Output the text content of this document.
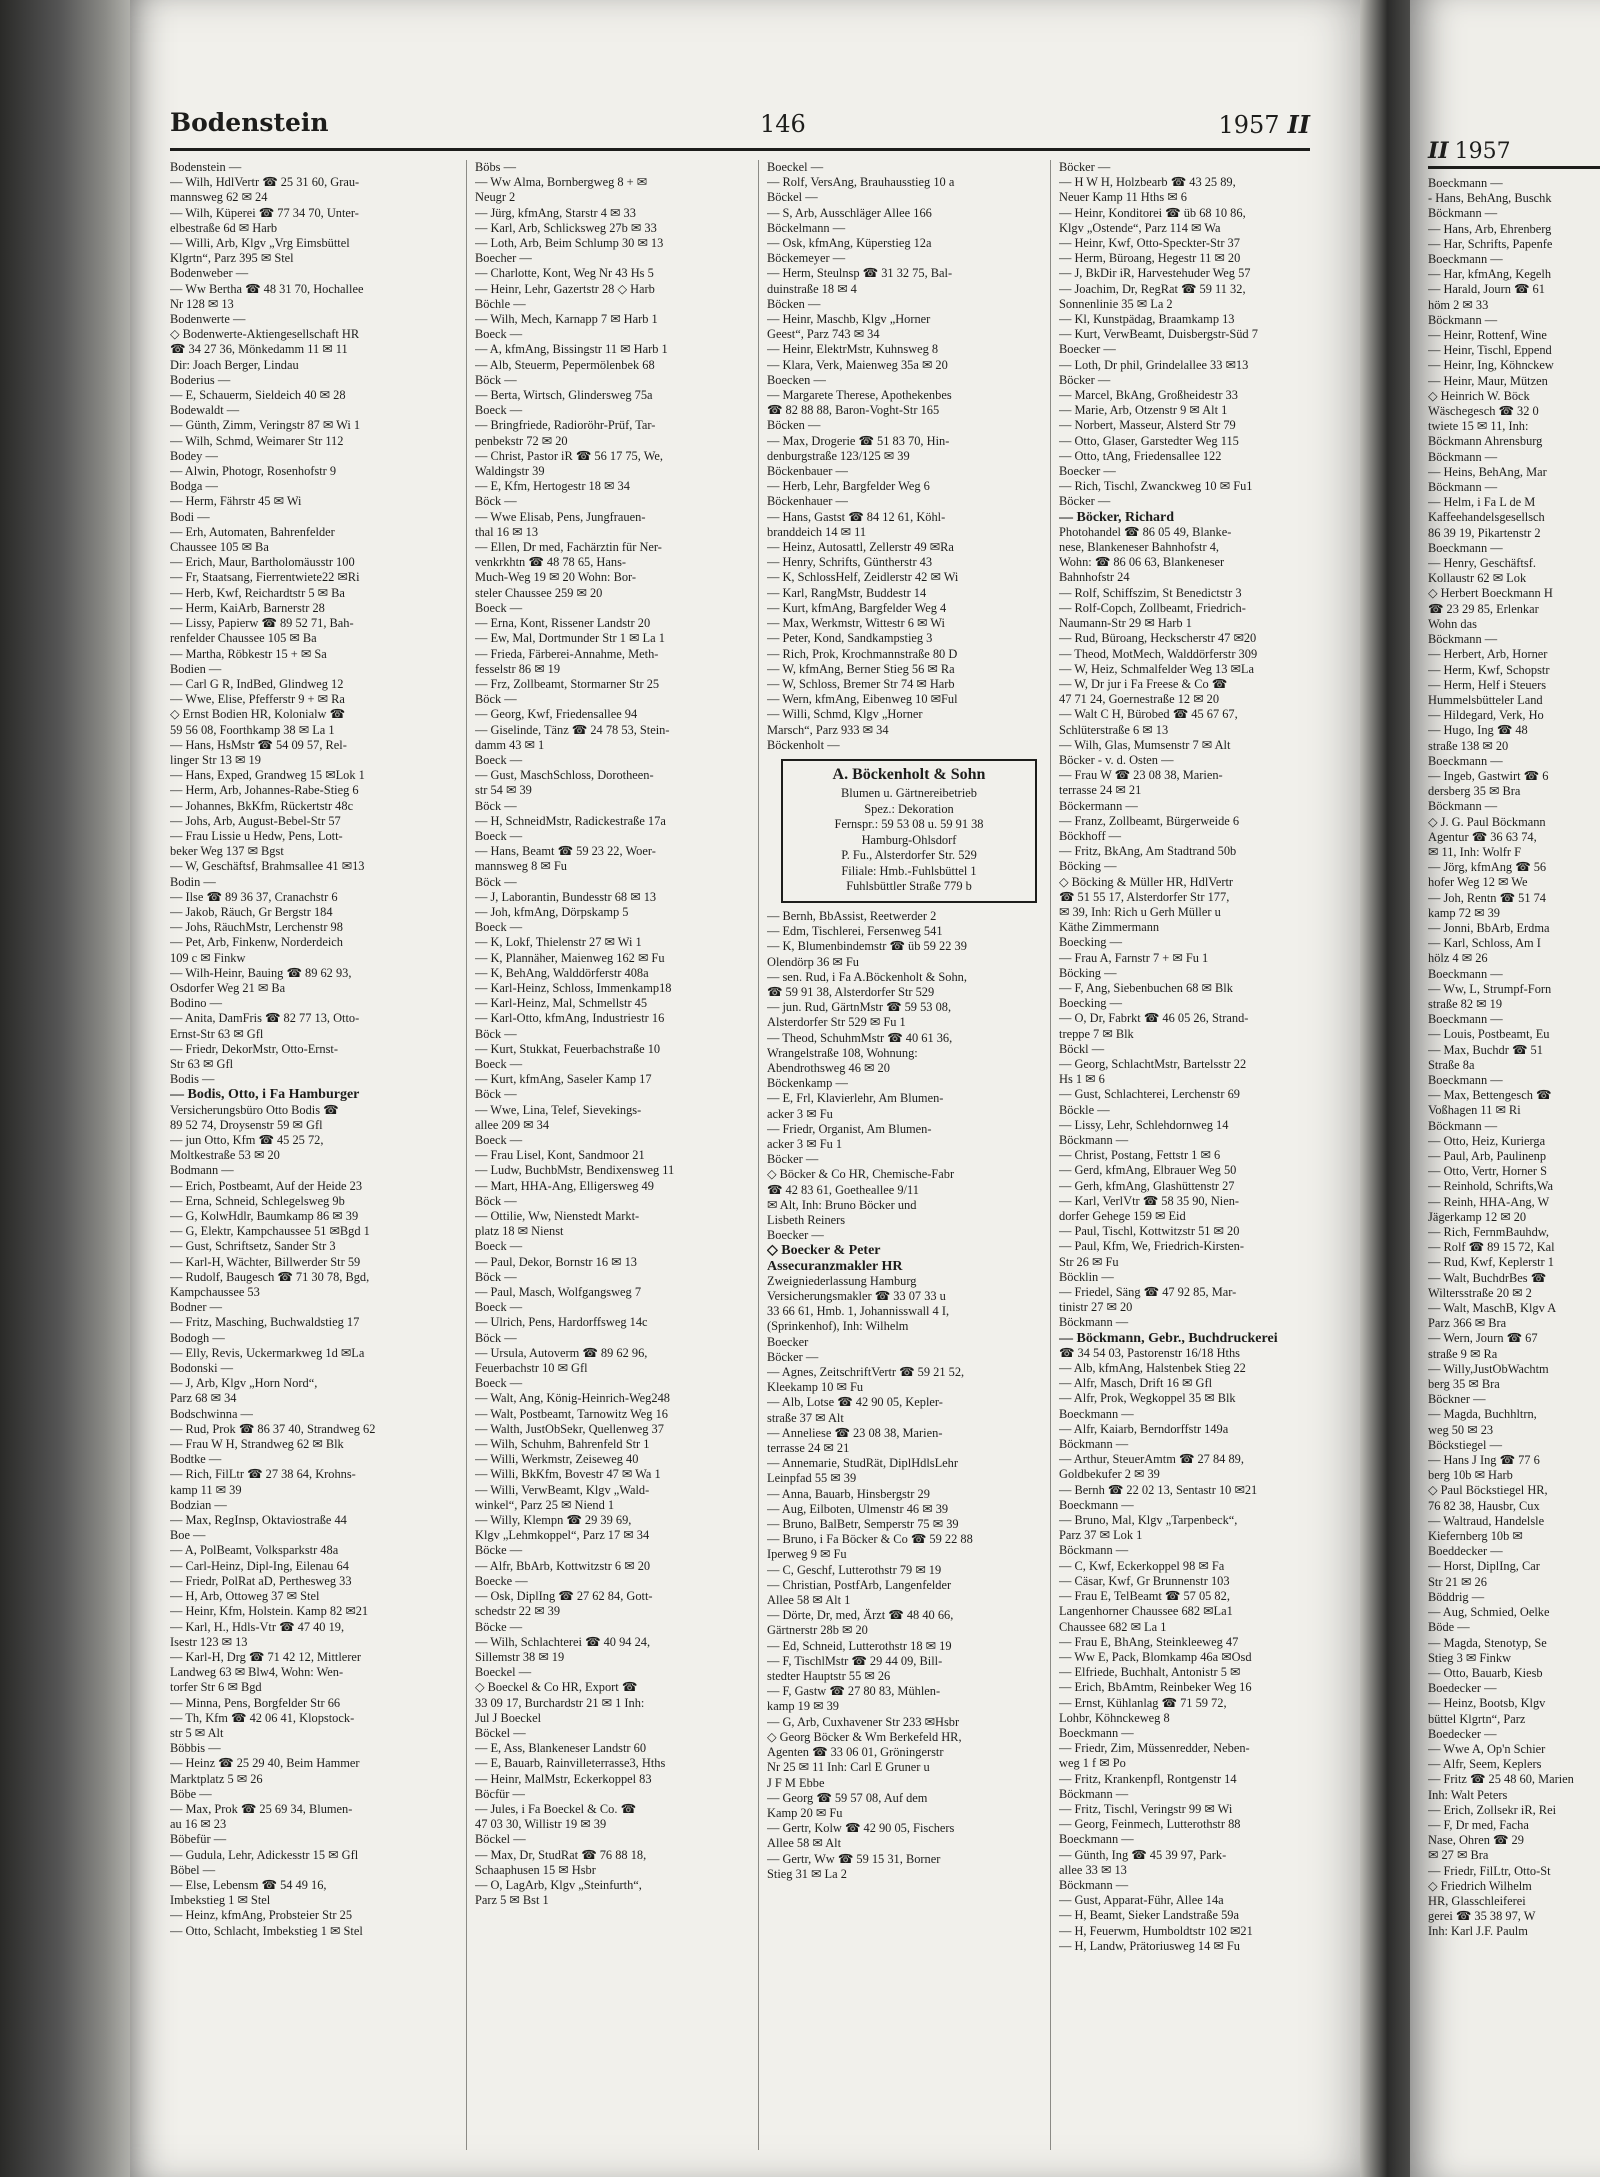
Bodenstein	146	1957 II
Bodenstein —
— Wilh, HdlVertr ☎ 25 31 60, Grau-
mannsweg 62 ✉ 24
— Wilh, Küperei ☎ 77 34 70, Unter-
elbestraße 6d ✉ Harb
— Willi, Arb, Klgv „Vrg Eimsbüttel
Klgrtn“, Parz 395 ✉ Stel
Bodenweber —
— Ww Bertha ☎ 48 31 70, Hochallee
Nr 128 ✉ 13
Bodenwerte —
◇ Bodenwerte-Aktiengesellschaft HR
☎ 34 27 36, Mönkedamm 11 ✉ 11
Dir: Joach Berger, Lindau
Boderius —
— E, Schauerm, Sieldeich 40 ✉ 28
Bodewaldt —
— Günth, Zimm, Veringstr 87 ✉ Wi 1
— Wilh, Schmd, Weimarer Str 112
Bodey —
— Alwin, Photogr, Rosenhofstr 9
Bodga —
— Herm, Fährstr 45 ✉ Wi
Bodi —
— Erh, Automaten, Bahrenfelder
Chaussee 105 ✉ Ba
— Erich, Maur, Bartholomäusstr 100
— Fr, Staatsang, Fierrentwiete22 ✉Ri
— Herb, Kwf, Reichardtstr 5 ✉ Ba
— Herm, KaiArb, Barnerstr 28
— Lissy, Papierw ☎ 89 52 71, Bah-
renfelder Chaussee 105 ✉ Ba
— Martha, Röbkestr 15 + ✉ Sa
Bodien —
— Carl G R, IndBed, Glindweg 12
— Wwe, Elise, Pfefferstr 9 + ✉ Ra
◇ Ernst Bodien HR, Kolonialw ☎
59 56 08, Foorthkamp 38 ✉ La 1
— Hans, HsMstr ☎ 54 09 57, Rel-
linger Str 13 ✉ 19
— Hans, Exped, Grandweg 15 ✉Lok 1
— Herm, Arb, Johannes-Rabe-Stieg 6
— Johannes, BkKfm, Rückertstr 48c
— Johs, Arb, August-Bebel-Str 57
— Frau Lissie u Hedw, Pens, Lott-
beker Weg 137 ✉ Bgst
— W, Geschäftsf, Brahmsallee 41 ✉13
Bodin —
— Ilse ☎ 89 36 37, Cranachstr 6
— Jakob, Räuch, Gr Bergstr 184
— Johs, RäuchMstr, Lerchenstr 98
— Pet, Arb, Finkenw, Norderdeich
109 c ✉ Finkw
— Wilh-Heinr, Bauing ☎ 89 62 93,
Osdorfer Weg 21 ✉ Ba
Bodino —
— Anita, DamFris ☎ 82 77 13, Otto-
Ernst-Str 63 ✉ Gfl
— Friedr, DekorMstr, Otto-Ernst-
Str 63 ✉ Gfl
Bodis —
— Bodis, Otto, i Fa Hamburger
Versicherungsbüro Otto Bodis ☎
89 52 74, Droysenstr 59 ✉ Gfl
— jun Otto, Kfm ☎ 45 25 72,
Moltkestraße 53 ✉ 20
Bodmann —
— Erich, Postbeamt, Auf der Heide 23
— Erna, Schneid, Schlegelsweg 9b
— G, KolwHdlr, Baumkamp 86 ✉ 39
— G, Elektr, Kampchaussee 51 ✉Bgd 1
— Gust, Schriftsetz, Sander Str 3
— Karl-H, Wächter, Billwerder Str 59
— Rudolf, Baugesch ☎ 71 30 78, Bgd,
Kampchaussee 53
Bodner —
— Fritz, Masching, Buchwaldstieg 17
Bodogh —
— Elly, Revis, Uckermarkweg 1d ✉La
Bodonski —
— J, Arb, Klgv „Horn Nord“,
Parz 68 ✉ 34
Bodschwinna —
— Rud, Prok ☎ 86 37 40, Strandweg 62
— Frau W H, Strandweg 62 ✉ Blk
Bodtke —
— Rich, FilLtr ☎ 27 38 64, Krohns-
kamp 11 ✉ 39
Bodzian —
— Max, RegInsp, Oktaviostraße 44
Boe —
— A, PolBeamt, Volksparkstr 48a
— Carl-Heinz, Dipl-Ing, Eilenau 64
— Friedr, PolRat aD, Perthesweg 33
— H, Arb, Ottoweg 37 ✉ Stel
— Heinr, Kfm, Holstein. Kamp 82 ✉21
— Karl, H., Hdls-Vtr ☎ 47 40 19,
Isestr 123 ✉ 13
— Karl-H, Drg ☎ 71 42 12, Mittlerer
Landweg 63 ✉ Blw4, Wohn: Wen-
torfer Str 6 ✉ Bgd
— Minna, Pens, Borgfelder Str 66
— Th, Kfm ☎ 42 06 41, Klopstock-
str 5 ✉ Alt
Böbbis —
— Heinz ☎ 25 29 40, Beim Hammer
Marktplatz 5 ✉ 26
Böbe —
— Max, Prok ☎ 25 69 34, Blumen-
au 16 ✉ 23
Böbefür —
— Gudula, Lehr, Adickesstr 15 ✉ Gfl
Böbel —
— Else, Lebensm ☎ 54 49 16,
Imbekstieg 1 ✉ Stel
— Heinz, kfmAng, Probsteier Str 25
— Otto, Schlacht, Imbekstieg 1 ✉ Stel
Böbs —
— Ww Alma, Bornbergweg 8 + ✉
Neugr 2
— Jürg, kfmAng, Starstr 4 ✉ 33
— Karl, Arb, Schlicksweg 27b ✉ 33
— Loth, Arb, Beim Schlump 30 ✉ 13
Boecher —
— Charlotte, Kont, Weg Nr 43 Hs 5
— Heinr, Lehr, Gazertstr 28 ◇ Harb
Böchle —
— Wilh, Mech, Karnapp 7 ✉ Harb 1
Boeck —
— A, kfmAng, Bissingstr 11 ✉ Harb 1
— Alb, Steuerm, Pepermölenbek 68
Böck —
— Berta, Wirtsch, Glindersweg 75a
Boeck —
— Bringfriede, Radioröhr-Prüf, Tar-
penbekstr 72 ✉ 20
— Christ, Pastor iR ☎ 56 17 75, We,
Waldingstr 39
— E, Kfm, Hertogestr 18 ✉ 34
Böck —
— Wwe Elisab, Pens, Jungfrauen-
thal 16 ✉ 13
— Ellen, Dr med, Fachärztin für Ner-
venkrkhtn ☎ 48 78 65, Hans-
Much-Weg 19 ✉ 20 Wohn: Bor-
steler Chaussee 259 ✉ 20
Boeck —
— Erna, Kont, Rissener Landstr 20
— Ew, Mal, Dortmunder Str 1 ✉ La 1
— Frieda, Färberei-Annahme, Meth-
fesselstr 86 ✉ 19
— Frz, Zollbeamt, Stormarner Str 25
Böck —
— Georg, Kwf, Friedensallee 94
— Giselinde, Tänz ☎ 24 78 53, Stein-
damm 43 ✉ 1
Boeck —
— Gust, MaschSchloss, Dorotheen-
str 54 ✉ 39
Böck —
— H, SchneidMstr, Radickestraße 17a
Boeck —
— Hans, Beamt ☎ 59 23 22, Woer-
mannsweg 8 ✉ Fu
Böck —
— J, Laborantin, Bundesstr 68 ✉ 13
— Joh, kfmAng, Dörpskamp 5
Boeck —
— K, Lokf, Thielenstr 27 ✉ Wi 1
— K, Plannäher, Maienweg 162 ✉ Fu
— K, BehAng, Walddörferstr 408a
— Karl-Heinz, Schloss, Immenkamp18
— Karl-Heinz, Mal, Schmellstr 45
— Karl-Otto, kfmAng, Industriestr 16
Böck —
— Kurt, Stukkat, Feuerbachstraße 10
Boeck —
— Kurt, kfmAng, Saseler Kamp 17
Böck —
— Wwe, Lina, Telef, Sievekings-
allee 209 ✉ 34
Boeck —
— Frau Lisel, Kont, Sandmoor 21
— Ludw, BuchbMstr, Bendixensweg 11
— Mart, HHA-Ang, Elligersweg 49
Böck —
— Ottilie, Ww, Nienstedt Markt-
platz 18 ✉ Nienst
Boeck —
— Paul, Dekor, Bornstr 16 ✉ 13
Böck —
— Paul, Masch, Wolfgangsweg 7
Boeck —
— Ulrich, Pens, Hardorffsweg 14c
Böck —
— Ursula, Autoverm ☎ 89 62 96,
Feuerbachstr 10 ✉ Gfl
Boeck —
— Walt, Ang, König-Heinrich-Weg248
— Walt, Postbeamt, Tarnowitz Weg 16
— Walth, JustObSekr, Quellenweg 37
— Wilh, Schuhm, Bahrenfeld Str 1
— Willi, Werkmstr, Zeiseweg 40
— Willi, BkKfm, Bovestr 47 ✉ Wa 1
— Willi, VerwBeamt, Klgv „Wald-
winkel“, Parz 25 ✉ Niend 1
— Willy, Klempn ☎ 29 39 69,
Klgv „Lehmkoppel“, Parz 17 ✉ 34
Böcke —
— Alfr, BbArb, Kottwitzstr 6 ✉ 20
Boecke —
— Osk, DiplIng ☎ 27 62 84, Gott-
schedstr 22 ✉ 39
Böcke —
— Wilh, Schlachterei ☎ 40 94 24,
Sillemstr 38 ✉ 19
Boeckel —
◇ Boeckel & Co HR, Export ☎
33 09 17, Burchardstr 21 ✉ 1 Inh:
Jul J Boeckel
Böckel —
— E, Ass, Blankeneser Landstr 60
— E, Bauarb, Rainvilleterrasse3, Hths
— Heinr, MalMstr, Eckerkoppel 83
Böcfür —
— Jules, i Fa Boeckel & Co. ☎
47 03 30, Willistr 19 ✉ 39
Böckel —
— Max, Dr, StudRat ☎ 76 88 18,
Schaaphusen 15 ✉ Hsbr
— O, LagArb, Klgv „Steinfurth“,
Parz 5 ✉ Bst 1
Boeckel —
— Rolf, VersAng, Brauhausstieg 10 a
Böckel —
— S, Arb, Ausschläger Allee 166
Böckelmann —
— Osk, kfmAng, Küperstieg 12a
Böckemeyer —
— Herm, Steulnsp ☎ 31 32 75, Bal-
duinstraße 18 ✉ 4
Böcken —
— Heinr, Maschb, Klgv „Horner
Geest“, Parz 743 ✉ 34
— Heinr, ElektrMstr, Kuhnsweg 8
— Klara, Verk, Maienweg 35a ✉ 20
Boecken —
— Margarete Therese, Apothekenbes
☎ 82 88 88, Baron-Voght-Str 165
Böcken —
— Max, Drogerie ☎ 51 83 70, Hin-
denburgstraße 123/125 ✉ 39
Böckenbauer —
— Herb, Lehr, Bargfelder Weg 6
Böckenhauer —
— Hans, Gastst ☎ 84 12 61, Köhl-
branddeich 14 ✉ 11
— Heinz, Autosattl, Zellerstr 49 ✉Ra
— Henry, Schrifts, Güntherstr 43
— K, SchlossHelf, Zeidlerstr 42 ✉ Wi
— Karl, RangMstr, Buddestr 14
— Kurt, kfmAng, Bargfelder Weg 4
— Max, Werkmstr, Wittestr 6 ✉ Wi
— Peter, Kond, Sandkampstieg 3
— Rich, Prok, Krochmannstraße 80 D
— W, kfmAng, Berner Stieg 56 ✉ Ra
— W, Schloss, Bremer Str 74 ✉ Harb
— Wern, kfmAng, Eibenweg 10 ✉Ful
— Willi, Schmd, Klgv „Horner
Marsch“, Parz 933 ✉ 34
Böckenholt —
A. Böckenholt & Sohn
Blumen u. Gärtnereibetrieb
Spez.: Dekoration
Fernspr.: 59 53 08 u. 59 91 38
Hamburg-Ohlsdorf
P. Fu., Alsterdorfer Str. 529
Filiale: Hmb.-Fuhlsbüttel 1
Fuhlsbüttler Straße 779 b
— Bernh, BbAssist, Reetwerder 2
— Edm, Tischlerei, Fersenweg 541
— K, Blumenbindemstr ☎ üb 59 22 39
Olendörp 36 ✉ Fu
— sen. Rud, i Fa A.Böckenholt & Sohn,
☎ 59 91 38, Alsterdorfer Str 529
— jun. Rud, GärtnMstr ☎ 59 53 08,
Alsterdorfer Str 529 ✉ Fu 1
— Theod, SchuhmMstr ☎ 40 61 36,
Wrangelstraße 108, Wohnung:
Abendrothsweg 46 ✉ 20
Böckenkamp —
— E, Frl, Klavierlehr, Am Blumen-
acker 3 ✉ Fu
— Friedr, Organist, Am Blumen-
acker 3 ✉ Fu 1
Böcker —
◇ Böcker & Co HR, Chemische-Fabr
☎ 42 83 61, Goetheallee 9/11
✉ Alt, Inh: Bruno Böcker und
Lisbeth Reiners
Boecker —
◇ Boecker & Peter
Assecuranzmakler HR
Zweigniederlassung Hamburg
Versicherungsmakler ☎ 33 07 33 u
33 66 61, Hmb. 1, Johannisswall 4 I,
(Sprinkenhof), Inh: Wilhelm
Boecker
Böcker —
— Agnes, ZeitschriftVertr ☎ 59 21 52,
Kleekamp 10 ✉ Fu
— Alb, Lotse ☎ 42 90 05, Kepler-
straße 37 ✉ Alt
— Anneliese ☎ 23 08 38, Marien-
terrasse 24 ✉ 21
— Annemarie, StudRät, DiplHdlsLehr
Leinpfad 55 ✉ 39
— Anna, Bauarb, Hinsbergstr 29
— Aug, Eilboten, Ulmenstr 46 ✉ 39
— Bruno, BalBetr, Semperstr 75 ✉ 39
— Bruno, i Fa Böcker & Co ☎ 59 22 88
Iperweg 9 ✉ Fu
— C, Geschf, Lutterothstr 79 ✉ 19
— Christian, PostfArb, Langenfelder
Allee 58 ✉ Alt 1
— Dörte, Dr, med, Ärzt ☎ 48 40 66,
Gärtnerstr 28b ✉ 20
— Ed, Schneid, Lutterothstr 18 ✉ 19
— F, TischlMstr ☎ 29 44 09, Bill-
stedter Hauptstr 55 ✉ 26
— F, Gastw ☎ 27 80 83, Mühlen-
kamp 19 ✉ 39
— G, Arb, Cuxhavener Str 233 ✉Hsbr
◇ Georg Böcker & Wm Berkefeld HR,
Agenten ☎ 33 06 01, Gröningerstr
Nr 25 ✉ 11 Inh: Carl E Gruner u
J F M Ebbe
— Georg ☎ 59 57 08, Auf dem
Kamp 20 ✉ Fu
— Gertr, Kolw ☎ 42 90 05, Fischers
Allee 58 ✉ Alt
— Gertr, Ww ☎ 59 15 31, Borner
Stieg 31 ✉ La 2
Böcker —
— H W H, Holzbearb ☎ 43 25 89,
Neuer Kamp 11 Hths ✉ 6
— Heinr, Konditorei ☎ üb 68 10 86,
Klgv „Ostende“, Parz 114 ✉ Wa
— Heinr, Kwf, Otto-Speckter-Str 37
— Herm, Büroang, Hegestr 11 ✉ 20
— J, BkDir iR, Harvestehuder Weg 57
— Joachim, Dr, RegRat ☎ 59 11 32,
Sonnenlinie 35 ✉ La 2
— Kl, Kunstpädag, Braamkamp 13
— Kurt, VerwBeamt, Duisbergstr-Süd 7
Boecker —
— Loth, Dr phil, Grindelallee 33 ✉13
Böcker —
— Marcel, BkAng, Großheidestr 33
— Marie, Arb, Otzenstr 9 ✉ Alt 1
— Norbert, Masseur, Alsterd Str 79
— Otto, Glaser, Garstedter Weg 115
— Otto, tAng, Friedensallee 122
Boecker —
— Rich, Tischl, Zwanckweg 10 ✉ Fu1
Böcker —
— Böcker, Richard
Photohandel ☎ 86 05 49, Blanke-
nese, Blankeneser Bahnhofstr 4,
Wohn: ☎ 86 06 63, Blankeneser
Bahnhofstr 24
— Rolf, Schiffszim, St Benedictstr 3
— Rolf-Copch, Zollbeamt, Friedrich-
Naumann-Str 29 ✉ Harb 1
— Rud, Büroang, Heckscherstr 47 ✉20
— Theod, MotMech, Walddörferstr 309
— W, Heiz, Schmalfelder Weg 13 ✉La
— W, Dr jur i Fa Freese & Co ☎
47 71 24, Goernestraße 12 ✉ 20
— Walt C H, Bürobed ☎ 45 67 67,
Schlüterstraße 6 ✉ 13
— Wilh, Glas, Mumsenstr 7 ✉ Alt
Böcker - v. d. Osten —
— Frau W ☎ 23 08 38, Marien-
terrasse 24 ✉ 21
Böckermann —
— Franz, Zollbeamt, Bürgerweide 6
Böckhoff —
— Fritz, BkAng, Am Stadtrand 50b
Böcking —
◇ Böcking & Müller HR, HdlVertr
☎ 51 55 17, Alsterdorfer Str 177,
✉ 39, Inh: Rich u Gerh Müller u
Käthe Zimmermann
Boecking —
— Frau A, Farnstr 7 + ✉ Fu 1
Böcking —
— F, Ang, Siebenbuchen 68 ✉ Blk
Boecking —
— O, Dr, Fabrkt ☎ 46 05 26, Strand-
treppe 7 ✉ Blk
Böckl —
— Georg, SchlachtMstr, Bartelsstr 22
Hs 1 ✉ 6
— Gust, Schlachterei, Lerchenstr 69
Böckle —
— Lissy, Lehr, Schlehdornweg 14
Böckmann —
— Christ, Postang, Fettstr 1 ✉ 6
— Gerd, kfmAng, Elbrauer Weg 50
— Gerh, kfmAng, Glashüttenstr 27
— Karl, VerlVtr ☎ 58 35 90, Nien-
dorfer Gehege 159 ✉ Eid
— Paul, Tischl, Kottwitzstr 51 ✉ 20
— Paul, Kfm, We, Friedrich-Kirsten-
Str 26 ✉ Fu
Böcklin —
— Friedel, Säng ☎ 47 92 85, Mar-
tinistr 27 ✉ 20
Böckmann —
— Böckmann, Gebr., Buchdruckerei
☎ 34 54 03, Pastorenstr 16/18 Hths
— Alb, kfmAng, Halstenbek Stieg 22
— Alfr, Masch, Drift 16 ✉ Gfl
— Alfr, Prok, Wegkoppel 35 ✉ Blk
Boeckmann —
— Alfr, Kaiarb, Berndorffstr 149a
Böckmann —
— Arthur, SteuerAmtm ☎ 27 84 89,
Goldbekufer 2 ✉ 39
— Bernh ☎ 22 02 13, Sentastr 10 ✉21
Boeckmann —
— Bruno, Mal, Klgv „Tarpenbeck“,
Parz 37 ✉ Lok 1
Böckmann —
— C, Kwf, Eckerkoppel 98 ✉ Fa
— Cäsar, Kwf, Gr Brunnenstr 103
— Frau E, TelBeamt ☎ 57 05 82,
Langenhorner Chaussee 682 ✉La1
Chaussee 682 ✉ La 1
— Frau E, BhAng, Steinkleeweg 47
— Ww E, Pack, Blomkamp 46a ✉Osd
— Elfriede, Buchhalt, Antonistr 5 ✉
— Erich, BbAmtm, Reinbeker Weg 16
— Ernst, Kühlanlag ☎ 71 59 72,
Lohbr, Köhnckeweg 8
Boeckmann —
— Friedr, Zim, Müssenredder, Neben-
weg 1 f ✉ Po
— Fritz, Krankenpfl, Rontgenstr 14
Böckmann —
— Fritz, Tischl, Veringstr 99 ✉ Wi
— Georg, Feinmech, Lutterothstr 88
Boeckmann —
— Günth, Ing ☎ 45 39 97, Park-
allee 33 ✉ 13
Böckmann —
— Gust, Apparat-Führ, Allee 14a
— H, Beamt, Sieker Landstraße 59a
— H, Feuerwm, Humboldtstr 102 ✉21
— H, Landw, Prätoriusweg 14 ✉ Fu
II 1957
Boeckmann —
- Hans, BehAng, Buschk
Böckmann —
— Hans, Arb, Ehrenberg
— Har, Schrifts, Papenfe
Boeckmann —
— Har, kfmAng, Kegelh
— Harald, Journ ☎ 61
höm 2 ✉ 33
Böckmann —
— Heinr, Rottenf, Wine
— Heinr, Tischl, Eppend
— Heinr, Ing, Köhnckew
— Heinr, Maur, Mützen
◇ Heinrich W. Böck
Wäschegesch ☎ 32 0
twiete 15 ✉ 11, Inh:
Böckmann Ahrensburg
Böckmann —
— Heins, BehAng, Mar
Böckmann —
— Helm, i Fa L de M
Kaffeehandelsgesellsch
86 39 19, Pikartenstr 2
Boeckmann —
— Henry, Geschäftsf.
Kollaustr 62 ✉ Lok
◇ Herbert Boeckmann H
☎ 23 29 85, Erlenkar
Wohn das
Böckmann —
— Herbert, Arb, Horner
— Herm, Kwf, Schopstr
— Herm, Helf i Steuers
Hummelsbütteler Land
— Hildegard, Verk, Ho
— Hugo, Ing ☎ 48
straße 138 ✉ 20
Boeckmann —
— Ingeb, Gastwirt ☎ 6
dersberg 35 ✉ Bra
Böckmann —
◇ J. G. Paul Böckmann
Agentur ☎ 36 63 74,
✉ 11, Inh: Wolfr F
— Jörg, kfmAng ☎ 56
hofer Weg 12 ✉ We
— Joh, Rentn ☎ 51 74
kamp 72 ✉ 39
— Jonni, BbArb, Erdma
— Karl, Schloss, Am I
hölz 4 ✉ 26
Boeckmann —
— Ww, L, Strumpf-Forn
straße 82 ✉ 19
Boeckmann —
— Louis, Postbeamt, Eu
— Max, Buchdr ☎ 51
Straße 8a
Boeckmann —
— Max, Bettengesch ☎
Voßhagen 11 ✉ Ri
Böckmann —
— Otto, Heiz, Kurierga
— Paul, Arb, Paulinenp
— Otto, Vertr, Horner S
— Reinhold, Schrifts,Wa
— Reinh, HHA-Ang, W
Jägerkamp 12 ✉ 20
— Rich, FernmBauhdw,
— Rolf ☎ 89 15 72, Kal
— Rud, Kwf, Keplerstr 1
— Walt, BuchdrBes ☎
Wiltersstraße 20 ✉ 2
— Walt, MaschB, Klgv A
Parz 366 ✉ Bra
— Wern, Journ ☎ 67
straße 9 ✉ Ra
— Willy,JustObWachtm
berg 35 ✉ Bra
Böckner —
— Magda, Buchhltrn,
weg 50 ✉ 23
Böckstiegel —
— Hans J Ing ☎ 77 6
berg 10b ✉ Harb
◇ Paul Böckstiegel HR,
76 82 38, Hausbr, Cux
— Waltraud, Handelsle
Kiefernberg 10b ✉
Boeddecker —
— Horst, DiplIng, Car
Str 21 ✉ 26
Böddrig —
— Aug, Schmied, Oelke
Böde —
— Magda, Stenotyp, Se
Stieg 3 ✉ Finkw
— Otto, Bauarb, Kiesb
Boedecker —
— Heinz, Bootsb, Klgv
büttel Klgrtn“, Parz
Boedecker —
— Wwe A, Op'n Schier
— Alfr, Seem, Keplers
— Fritz ☎ 25 48 60, Marien
Inh: Walt Peters
— Erich, Zollsekr iR, Rei
— F, Dr med, Facha
Nase, Ohren ☎ 29
✉ 27 ✉ Bra
— Friedr, FilLtr, Otto-St
◇ Friedrich Wilhelm
HR, Glasschleiferei
gerei ☎ 35 38 97, W
Inh: Karl J.F. Paulm
